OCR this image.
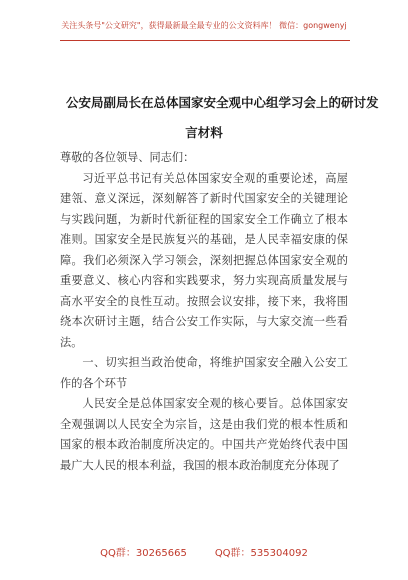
关注头条号"公文研究"，获得最新最全最专业的公文资料库！ 微信：gongwenyj
公安局副局长在总体国家安全观中心组学习会上的研讨发
言材料

尊敬的各位领导、同志们：

习近平总书记有关总体国家安全观的重要论述，高屋建瓴、意义深远，深刻解答了新时代国家安全的关键理论与实践问题，为新时代新征程的国家安全工作确立了根本准则。国家安全是民族复兴的基础，是人民幸福安康的保障。我们必须深入学习领会，深刻把握总体国家安全观的重要意义、核心内容和实践要求，努力实现高质量发展与高水平安全的良性互动。按照会议安排，接下来，我将围绕本次研讨主题，结合公安工作实际，与大家交流一些看法。

一、切实担当政治使命，将维护国家安全融入公安工作的各个环节

人民安全是总体国家安全观的核心要旨。总体国家安全观强调以人民安全为宗旨，这是由我们党的根本性质和国家的根本政治制度所决定的。中国共产党始终代表中国最广大人民的根本利益，我国的根本政治制度充分体现了

QQ群：30265665	QQ群：535304092
